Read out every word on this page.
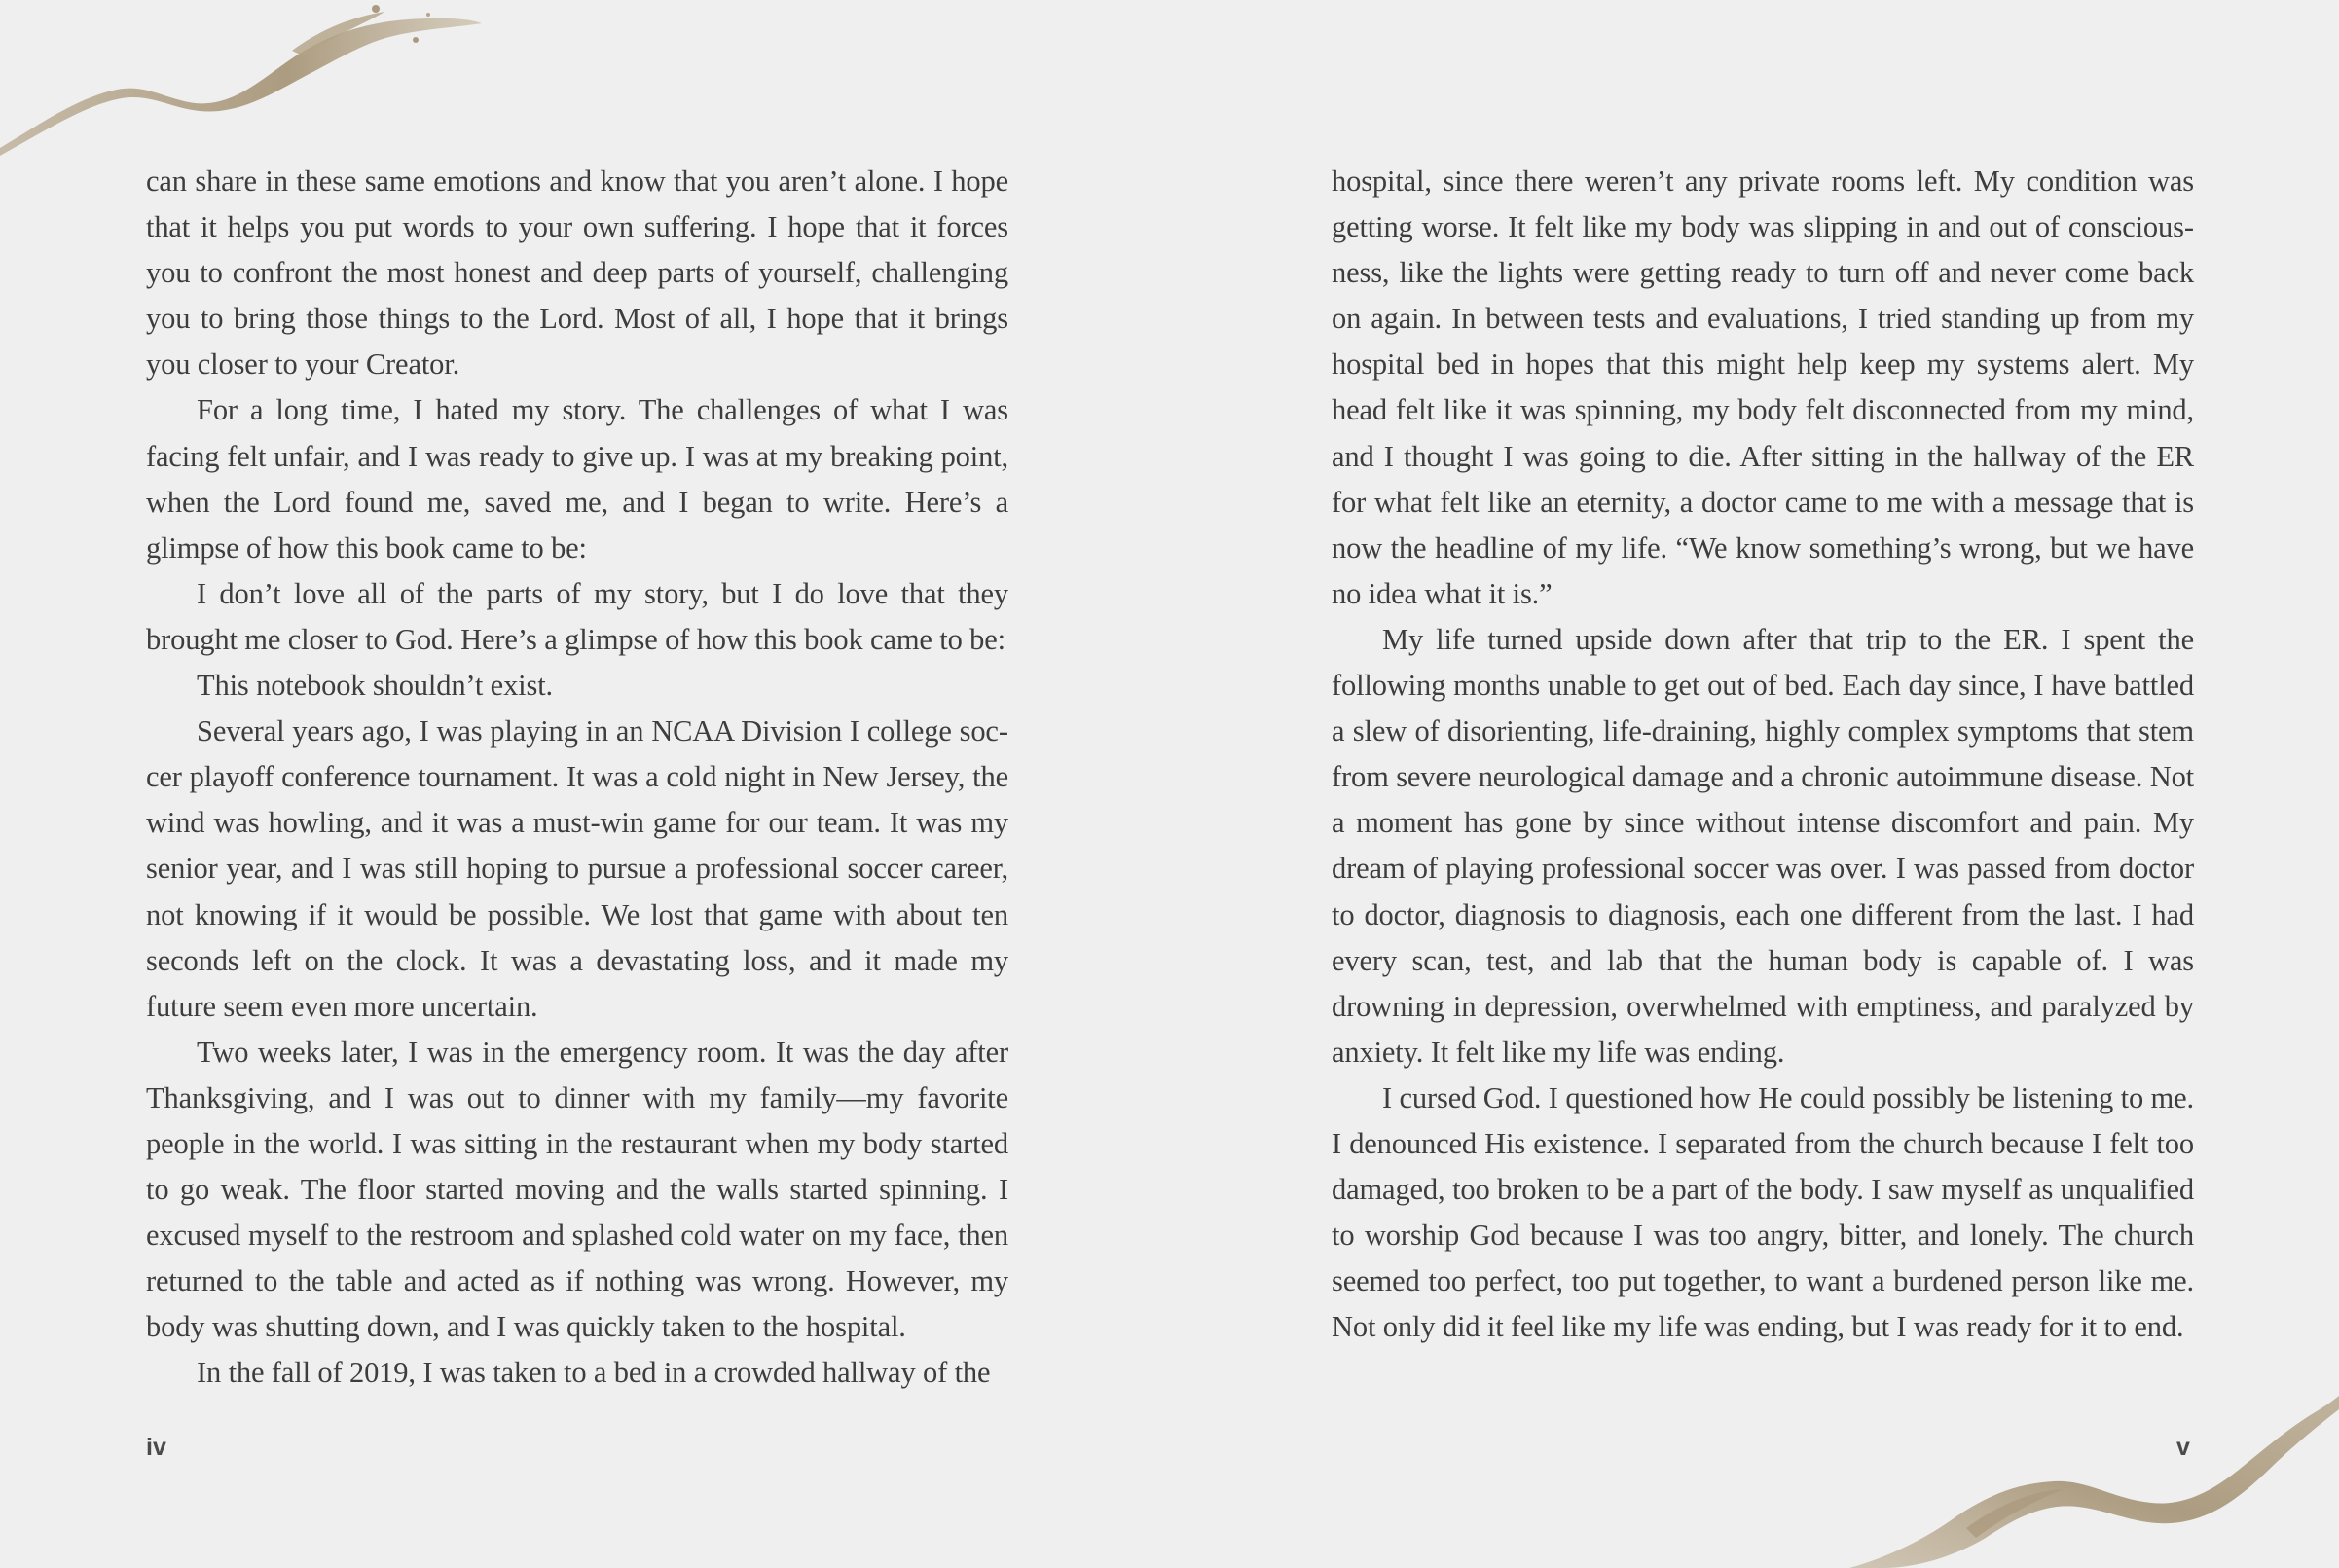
can share in these same emotions and know that you aren’t alone. I hope that it helps you put words to your own suffering. I hope that it forces you to confront the most honest and deep parts of yourself, challenging you to bring those things to the Lord. Most of all, I hope that it brings you closer to your Creator.

For a long time, I hated my story. The challenges of what I was facing felt unfair, and I was ready to give up. I was at my breaking point, when the Lord found me, saved me, and I began to write. Here’s a glimpse of how this book came to be:

I don’t love all of the parts of my story, but I do love that they brought me closer to God. Here’s a glimpse of how this book came to be:

This notebook shouldn’t exist.

Several years ago, I was playing in an NCAA Division I college soccer playoff conference tournament. It was a cold night in New Jersey, the wind was howling, and it was a must-win game for our team. It was my senior year, and I was still hoping to pursue a professional soccer career, not knowing if it would be possible. We lost that game with about ten seconds left on the clock. It was a devastating loss, and it made my future seem even more uncertain.

Two weeks later, I was in the emergency room. It was the day after Thanksgiving, and I was out to dinner with my family—my favorite people in the world. I was sitting in the restaurant when my body started to go weak. The floor started moving and the walls started spinning. I excused myself to the restroom and splashed cold water on my face, then returned to the table and acted as if nothing was wrong. However, my body was shutting down, and I was quickly taken to the hospital.

In the fall of 2019, I was taken to a bed in a crowded hallway of the

iv

hospital, since there weren’t any private rooms left. My condition was getting worse. It felt like my body was slipping in and out of consciousness, like the lights were getting ready to turn off and never come back on again. In between tests and evaluations, I tried standing up from my hospital bed in hopes that this might help keep my systems alert. My head felt like it was spinning, my body felt disconnected from my mind, and I thought I was going to die. After sitting in the hallway of the ER for what felt like an eternity, a doctor came to me with a message that is now the headline of my life. “We know something’s wrong, but we have no idea what it is.”

My life turned upside down after that trip to the ER. I spent the following months unable to get out of bed. Each day since, I have battled a slew of disorienting, life-draining, highly complex symptoms that stem from severe neurological damage and a chronic autoimmune disease. Not a moment has gone by since without intense discomfort and pain. My dream of playing professional soccer was over. I was passed from doctor to doctor, diagnosis to diagnosis, each one different from the last. I had every scan, test, and lab that the human body is capable of. I was drowning in depression, overwhelmed with emptiness, and paralyzed by anxiety. It felt like my life was ending.

I cursed God. I questioned how He could possibly be listening to me. I denounced His existence. I separated from the church because I felt too damaged, too broken to be a part of the body. I saw myself as unqualified to worship God because I was too angry, bitter, and lonely. The church seemed too perfect, too put together, to want a burdened person like me. Not only did it feel like my life was ending, but I was ready for it to end.

v
